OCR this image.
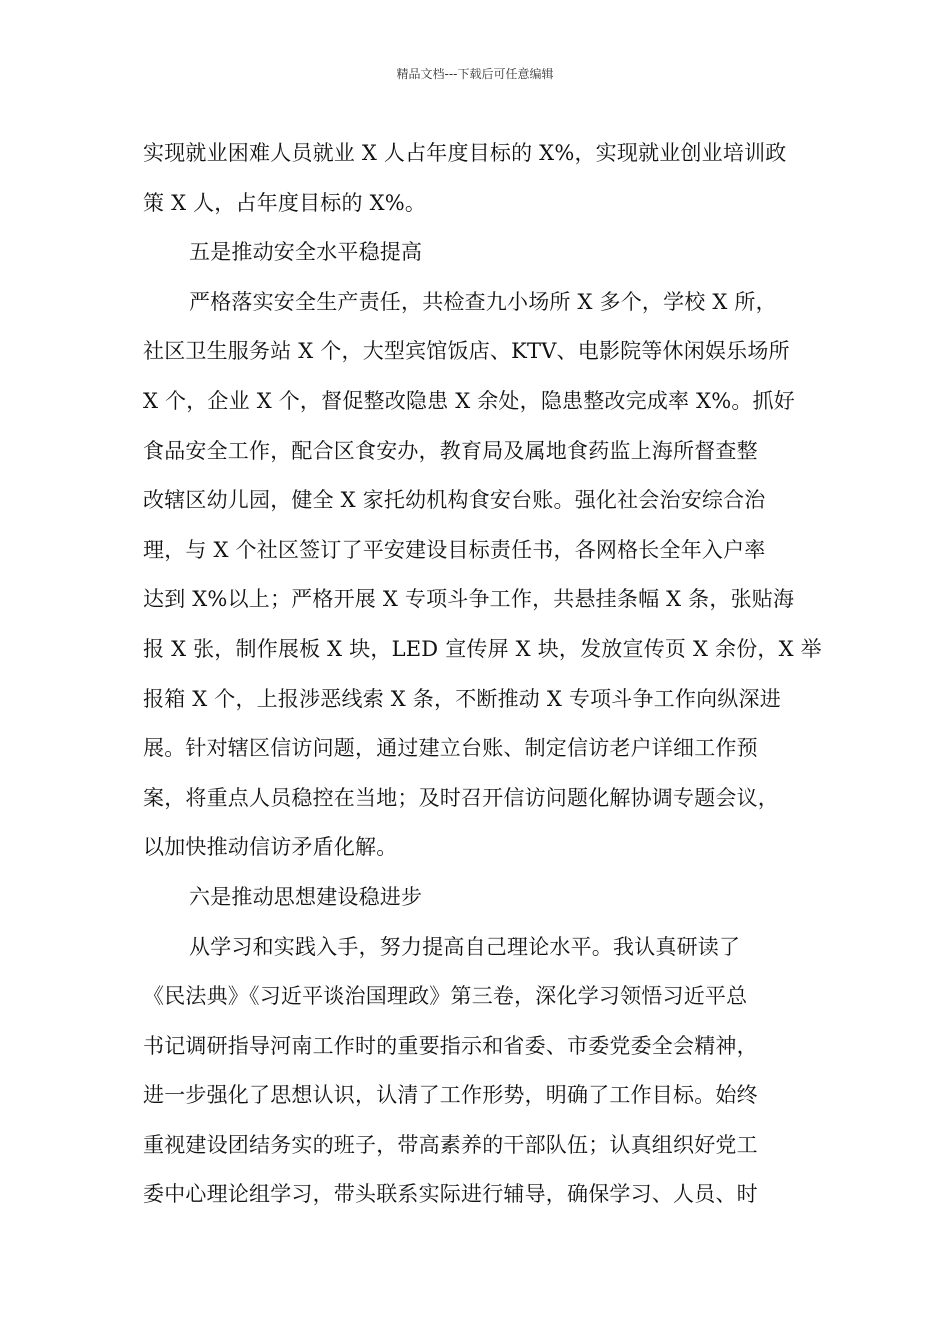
精品文档---下载后可任意编辑
实现就业困难人员就业 X 人占年度目标的 X%，实现就业创业培训政
策 X 人，占年度目标的 X%。
五是推动安全水平稳提高
严格落实安全生产责任，共检查九小场所 X 多个，学校 X 所，
社区卫生服务站 X 个，大型宾馆饭店、KTV、电影院等休闲娱乐场所
X 个，企业 X 个，督促整改隐患 X 余处，隐患整改完成率 X%。抓好
食品安全工作，配合区食安办，教育局及属地食药监上海所督查整
改辖区幼儿园，健全 X 家托幼机构食安台账。强化社会治安综合治
理，与 X 个社区签订了平安建设目标责任书，各网格长全年入户率
达到 X%以上；严格开展 X 专项斗争工作，共悬挂条幅 X 条，张贴海
报 X 张，制作展板 X 块，LED 宣传屏 X 块，发放宣传页 X 余份，X 举
报箱 X 个，上报涉恶线索 X 条，不断推动 X 专项斗争工作向纵深进
展。针对辖区信访问题，通过建立台账、制定信访老户详细工作预
案，将重点人员稳控在当地；及时召开信访问题化解协调专题会议，
以加快推动信访矛盾化解。
六是推动思想建设稳进步
从学习和实践入手，努力提高自己理论水平。我认真研读了
《民法典》《习近平谈治国理政》第三卷，深化学习领悟习近平总
书记调研指导河南工作时的重要指示和省委、市委党委全会精神，
进一步强化了思想认识，认清了工作形势，明确了工作目标。始终
重视建设团结务实的班子，带高素养的干部队伍；认真组织好党工
委中心理论组学习，带头联系实际进行辅导，确保学习、人员、时
